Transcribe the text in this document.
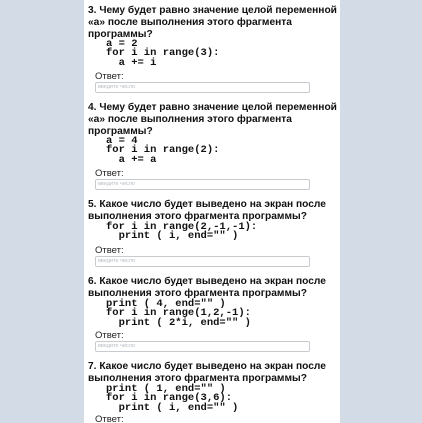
3. Чему будет равно значение целой переменной «a» после выполнения этого фрагмента программы?

a = 2
for i in range(3):
a += i
Ответ:
введите число

4. Чему будет равно значение целой переменной «a» после выполнения этого фрагмента программы?

a = 4
for i in range(2):
a += a
Ответ:
введите число

5. Какое число будет выведено на экран после выполнения этого фрагмента программы?

for i in range(2,-1,-1):
print ( i, end="" )
Ответ:
введите число

6. Какое число будет выведено на экран после выполнения этого фрагмента программы?

print ( 4, end="" )
for i in range(1,2,-1):
print ( 2*i, end="" )
Ответ:
введите число

7. Какое число будет выведено на экран после выполнения этого фрагмента программы?

print ( 1, end="" )
for i in range(3,6):
print ( i, end="" )
Ответ:
